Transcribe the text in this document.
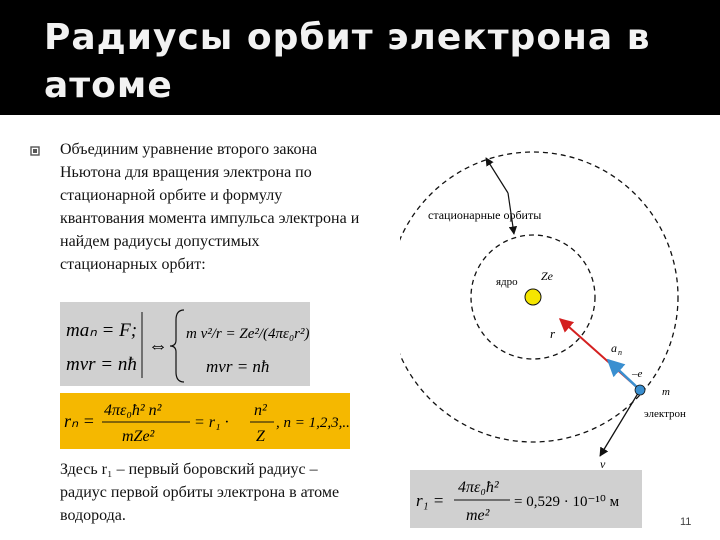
Радиусы орбит электрона в атоме
Объединим уравнение второго закона Ньютона для вращения электрона по стационарной орбите и формулу квантования момента импульса электрона и найдем радиусы допустимых стационарных орбит:
maₙ = F;
mvr = nħ
⇔
m v²/r = Ze²/(4πε₀r²);
mvr = nħ
rₙ =
4πε₀ħ² n²
mZe²
= r₁ ·
n²
Z
, n = 1,2,3,...
Здесь r₁ – первый боровский радиус – радиус первой орбиты электрона в атоме водорода.
r₁ =
4πε₀ħ²
me²
= 0,529 · 10⁻¹⁰ м
стационарные орбиты
ядро Ze
r
a n
–e
m
электрон
v
11
